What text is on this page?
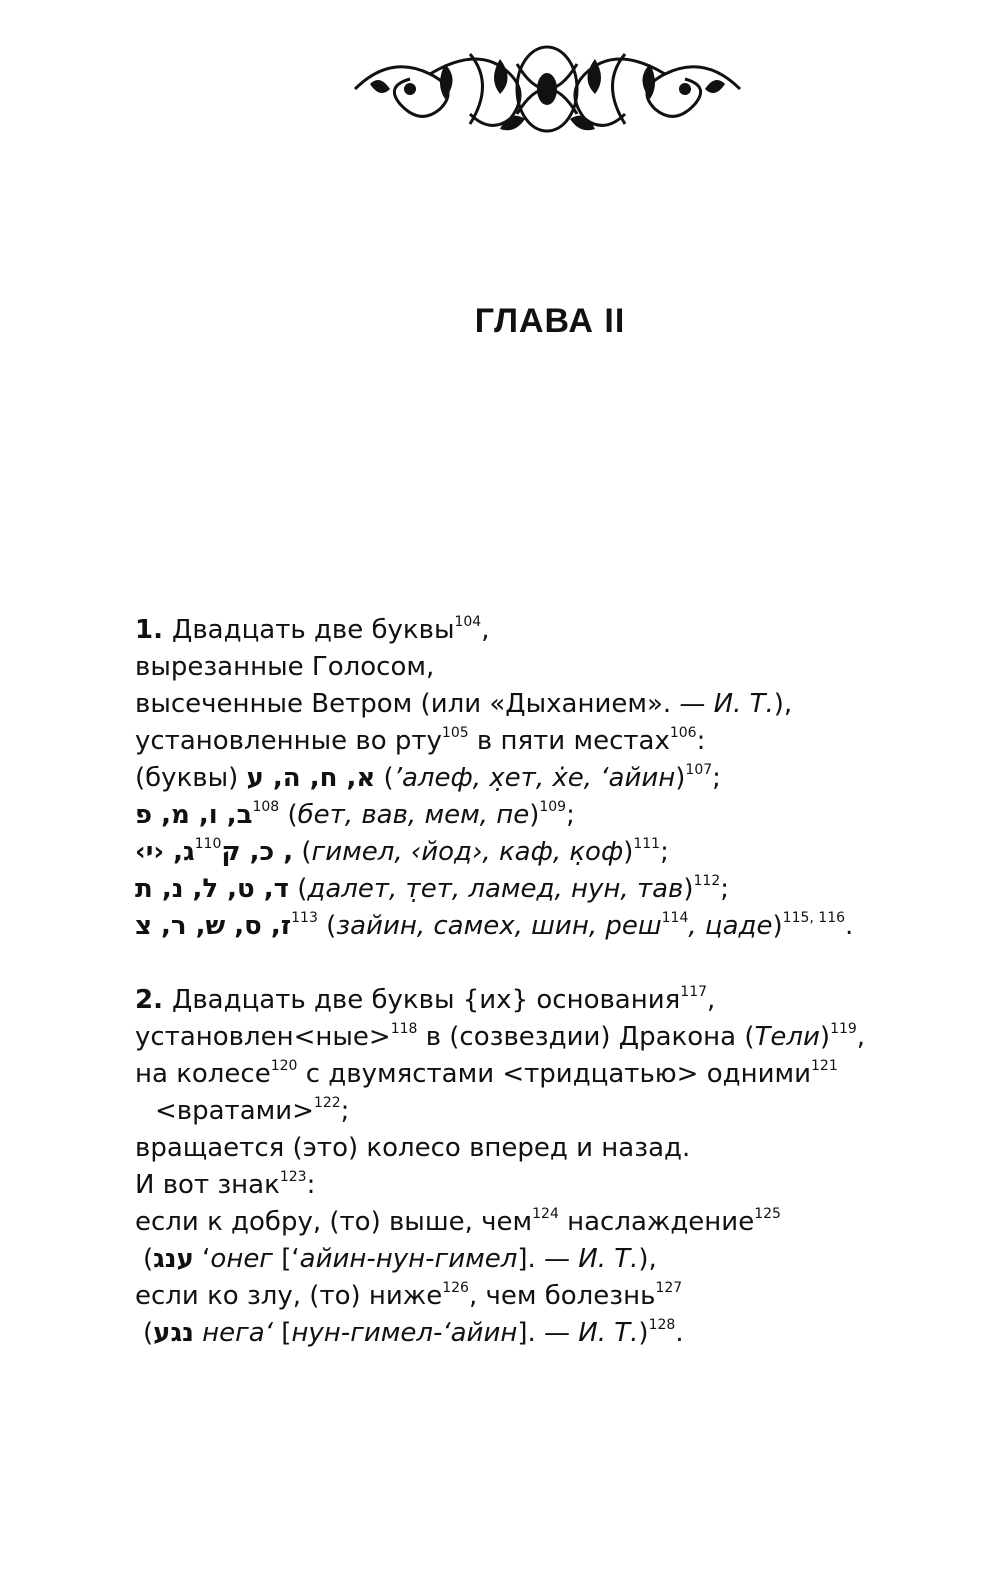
ГЛАВА II
1. Двадцать две буквы$^{104}$,
вырезанные Голосом,
высеченные Ветром (или «Дыханием». — И. Т.),
установленные во рту$^{105}$ в пяти местах$^{106}$:
(буквы) א, ח, ה, ע (’алеф, х̣ет, х̇е, ‘айин)$^{107}$;
ב, ו, מ, פ$^{108}$ (бет, вав, мем, пе)$^{109}$;
ג, ‹י›$^{110}$, כ, ק (гимел, ‹йод›, каф, к̣оф)$^{111}$;
ד, ט, ל, נ, ת (далет, т̣ет, ламед, нун, тав)$^{112}$;
ז, ס, ש, ר, צ$^{113}$ (зайин, самех, шин, реш$^{114}$, цаде)$^{115, 116}$.
2. Двадцать две буквы {их} основания$^{117}$,
установлен<ные>$^{118}$ в (созвездии) Дракона (Тели)$^{119}$,
на колесе$^{120}$ с двумястами <тридцатью> одними$^{121}$
<вратами>$^{122}$;
вращается (это) колесо вперед и назад.
И вот знак$^{123}$:
если к добру, (то) выше, чем$^{124}$ наслаждение$^{125}$
(ענג ‘онег [‘айин-нун-гимел]. — И. Т.),
если ко злу, (то) ниже$^{126}$, чем болезнь$^{127}$
(נגע нега‘ [нун-гимел-‘айин]. — И. Т.)$^{128}$.
